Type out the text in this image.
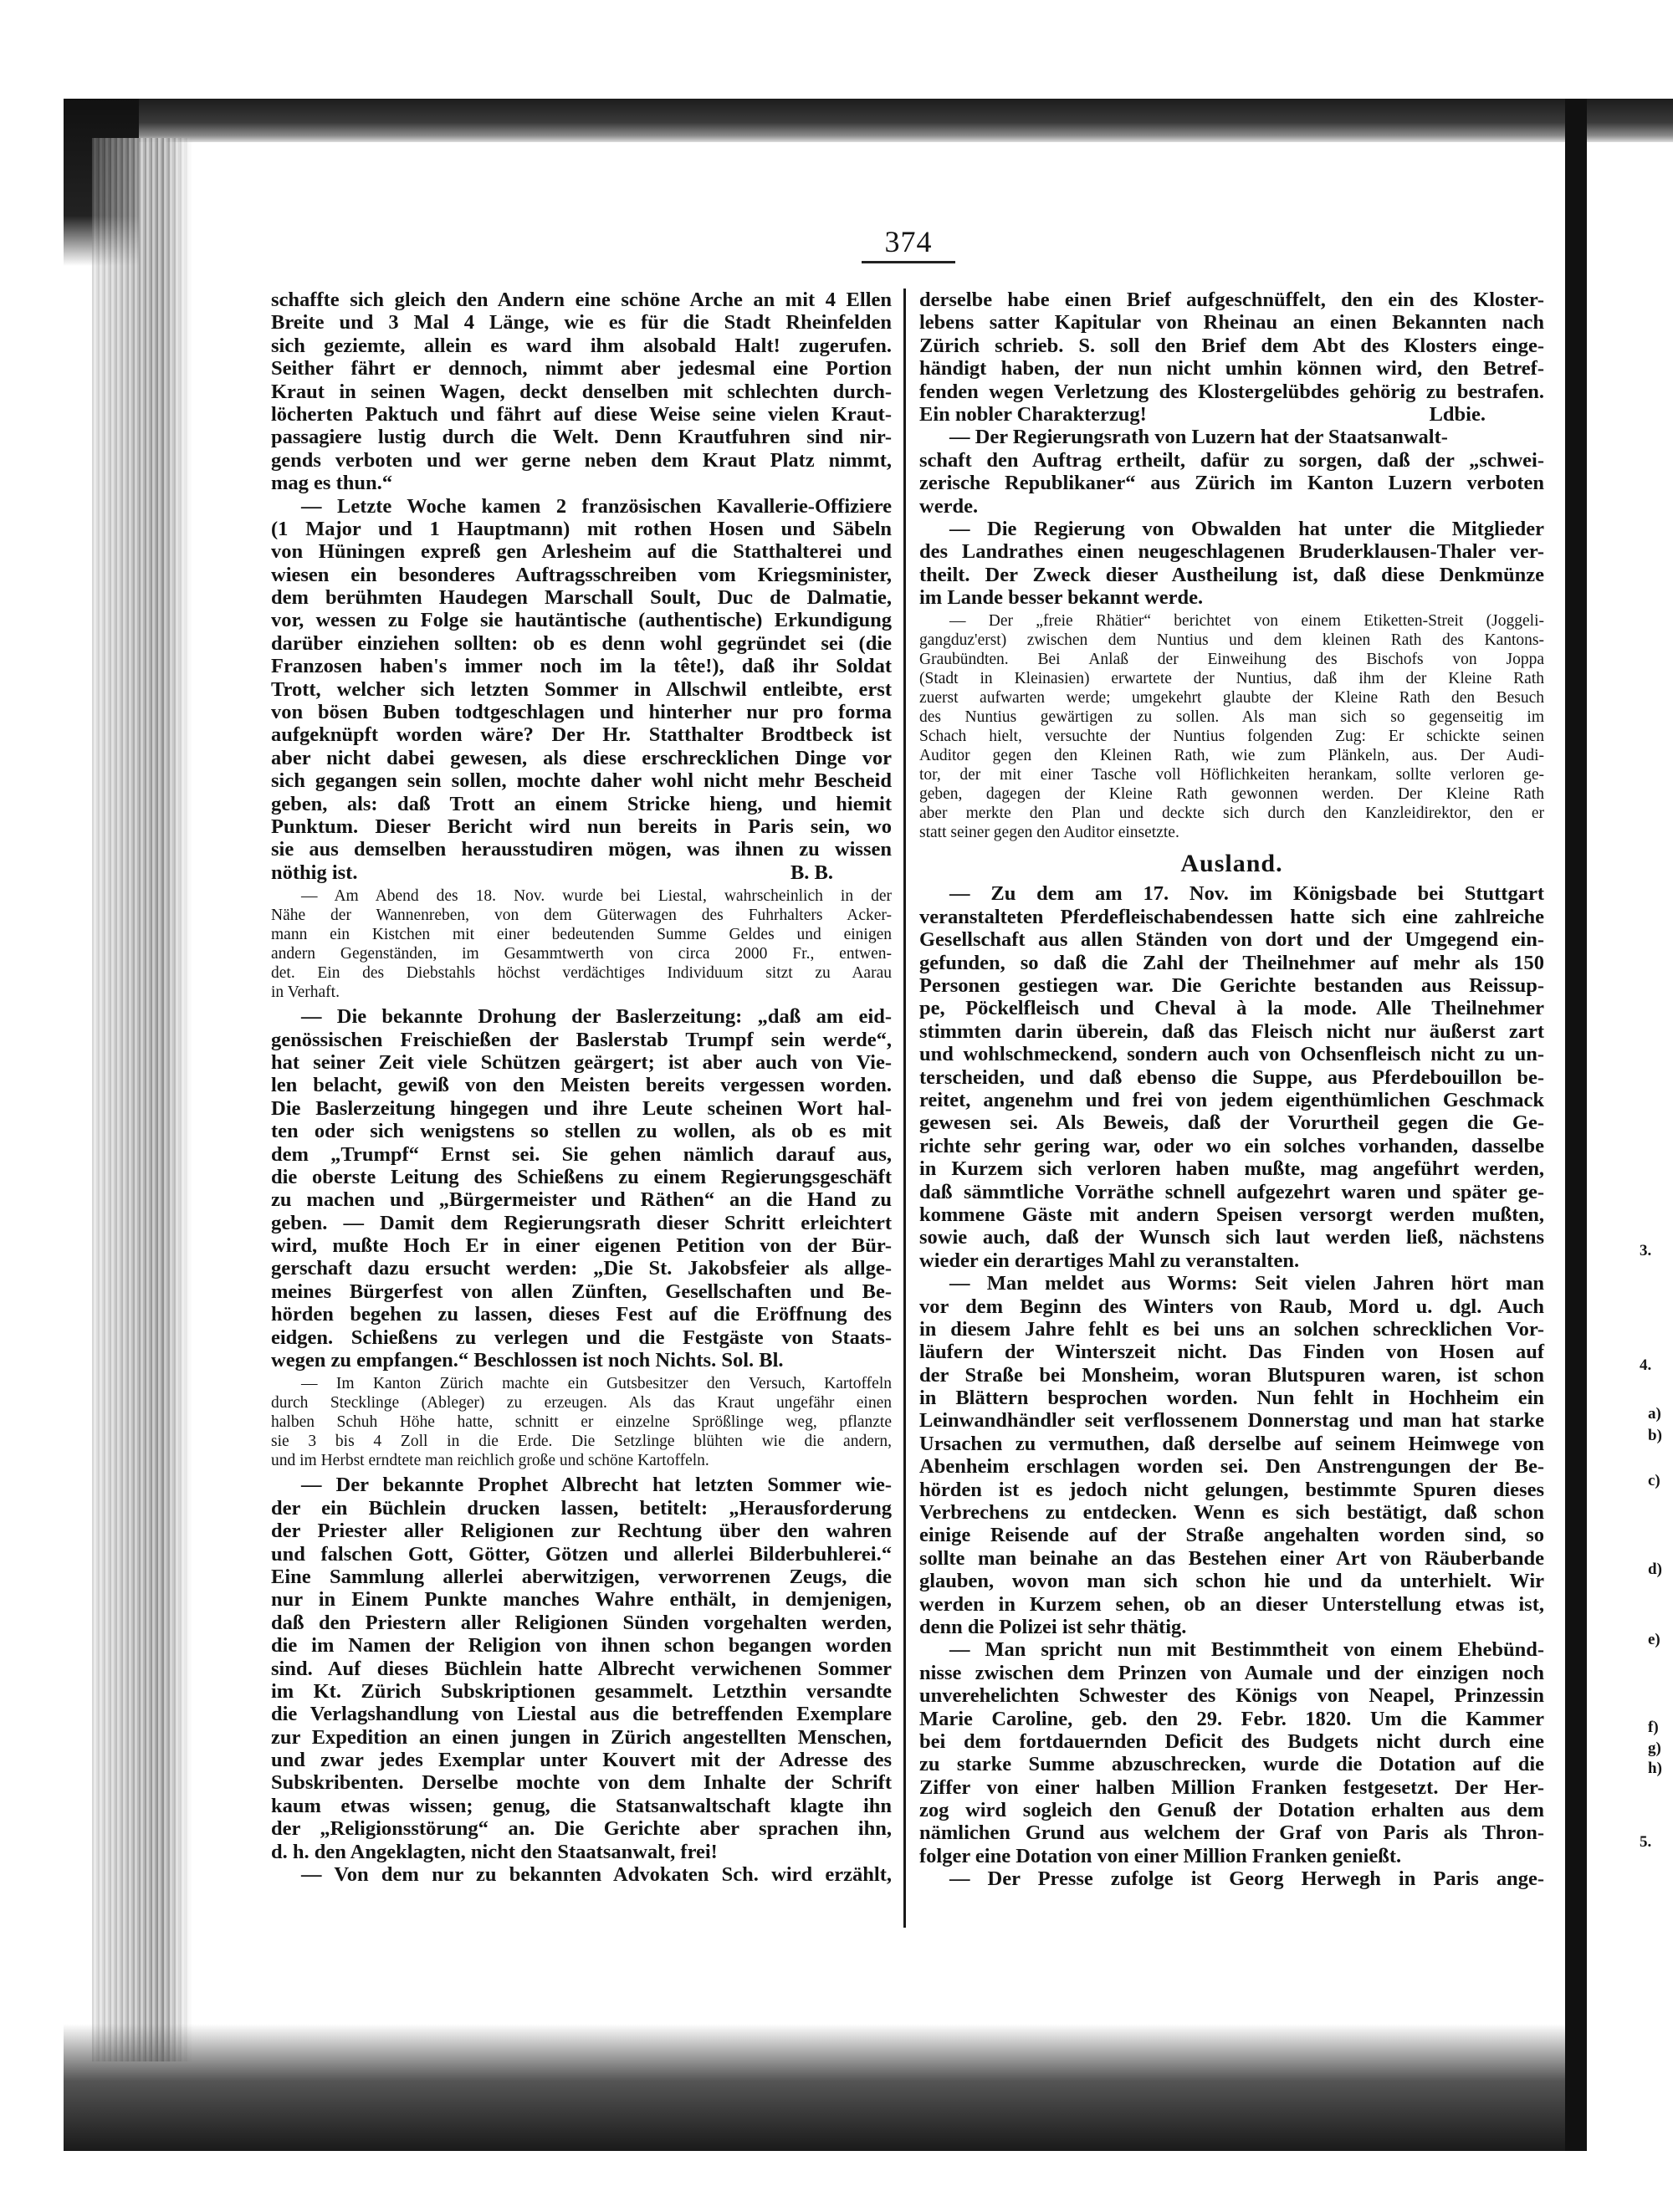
374
schaffte sich gleich den Andern eine schöne Arche an mit 4 Ellen
Breite und 3 Mal 4 Länge, wie es für die Stadt Rheinfelden
sich geziemte, allein es ward ihm alsobald Halt! zugerufen.
Seither fährt er dennoch, nimmt aber jedesmal eine Portion
Kraut in seinen Wagen, deckt denselben mit schlechten durch-
löcherten Paktuch und fährt auf diese Weise seine vielen Kraut-
passagiere lustig durch die Welt. Denn Krautfuhren sind nir-
gends verboten und wer gerne neben dem Kraut Platz nimmt,
mag es thun.“
— Letzte Woche kamen 2 französischen Kavallerie-Offiziere
(1 Major und 1 Hauptmann) mit rothen Hosen und Säbeln
von Hüningen expreß gen Arlesheim auf die Statthalterei und
wiesen ein besonderes Auftragsschreiben vom Kriegsminister,
dem berühmten Haudegen Marschall Soult, Duc de Dalmatie,
vor, wessen zu Folge sie hautäntische (authentische) Erkundigung
darüber einziehen sollten: ob es denn wohl gegründet sei (die
Franzosen haben's immer noch im la tête!), daß ihr Soldat
Trott, welcher sich letzten Sommer in Allschwil entleibte, erst
von bösen Buben todtgeschlagen und hinterher nur pro forma
aufgeknüpft worden wäre? Der Hr. Statthalter Brodtbeck ist
aber nicht dabei gewesen, als diese erschrecklichen Dinge vor
sich gegangen sein sollen, mochte daher wohl nicht mehr Bescheid
geben, als: daß Trott an einem Stricke hieng, und hiemit
Punktum. Dieser Bericht wird nun bereits in Paris sein, wo
sie aus demselben herausstudiren mögen, was ihnen zu wissen
nöthig ist.	B. B.
— Am Abend des 18. Nov. wurde bei Liestal, wahrscheinlich in der
Nähe der Wannenreben, von dem Güterwagen des Fuhrhalters Acker-
mann ein Kistchen mit einer bedeutenden Summe Geldes und einigen
andern Gegenständen, im Gesammtwerth von circa 2000 Fr., entwen-
det. Ein des Diebstahls höchst verdächtiges Individuum sitzt zu Aarau
in Verhaft.
— Die bekannte Drohung der Baslerzeitung: „daß am eid-
genössischen Freischießen der Baslerstab Trumpf sein werde“,
hat seiner Zeit viele Schützen geärgert; ist aber auch von Vie-
len belacht, gewiß von den Meisten bereits vergessen worden.
Die Baslerzeitung hingegen und ihre Leute scheinen Wort hal-
ten oder sich wenigstens so stellen zu wollen, als ob es mit
dem „Trumpf“ Ernst sei. Sie gehen nämlich darauf aus,
die oberste Leitung des Schießens zu einem Regierungsgeschäft
zu machen und „Bürgermeister und Räthen“ an die Hand zu
geben. — Damit dem Regierungsrath dieser Schritt erleichtert
wird, mußte Hoch Er in einer eigenen Petition von der Bür-
gerschaft dazu ersucht werden: „Die St. Jakobsfeier als allge-
meines Bürgerfest von allen Zünften, Gesellschaften und Be-
hörden begehen zu lassen, dieses Fest auf die Eröffnung des
eidgen. Schießens zu verlegen und die Festgäste von Staats-
wegen zu empfangen.“ Beschlossen ist noch Nichts. Sol. Bl.
— Im Kanton Zürich machte ein Gutsbesitzer den Versuch, Kartoffeln
durch Stecklinge (Ableger) zu erzeugen. Als das Kraut ungefähr einen
halben Schuh Höhe hatte, schnitt er einzelne Sprößlinge weg, pflanzte
sie 3 bis 4 Zoll in die Erde. Die Setzlinge blühten wie die andern,
und im Herbst erndtete man reichlich große und schöne Kartoffeln.
— Der bekannte Prophet Albrecht hat letzten Sommer wie-
der ein Büchlein drucken lassen, betitelt: „Herausforderung
der Priester aller Religionen zur Rechtung über den wahren
und falschen Gott, Götter, Götzen und allerlei Bilderbuhlerei.“
Eine Sammlung allerlei aberwitzigen, verworrenen Zeugs, die
nur in Einem Punkte manches Wahre enthält, in demjenigen,
daß den Priestern aller Religionen Sünden vorgehalten werden,
die im Namen der Religion von ihnen schon begangen worden
sind. Auf dieses Büchlein hatte Albrecht verwichenen Sommer
im Kt. Zürich Subskriptionen gesammelt. Letzthin versandte
die Verlagshandlung von Liestal aus die betreffenden Exemplare
zur Expedition an einen jungen in Zürich angestellten Menschen,
und zwar jedes Exemplar unter Kouvert mit der Adresse des
Subskribenten. Derselbe mochte von dem Inhalte der Schrift
kaum etwas wissen; genug, die Statsanwaltschaft klagte ihn
der „Religionsstörung“ an. Die Gerichte aber sprachen ihn,
d. h. den Angeklagten, nicht den Staatsanwalt, frei!
— Von dem nur zu bekannten Advokaten Sch. wird erzählt,
derselbe habe einen Brief aufgeschnüffelt, den ein des Kloster-
lebens satter Kapitular von Rheinau an einen Bekannten nach
Zürich schrieb. S. soll den Brief dem Abt des Klosters einge-
händigt haben, der nun nicht umhin können wird, den Betref-
fenden wegen Verletzung des Klostergelübdes gehörig zu bestrafen.
Ein nobler Charakterzug!	Ldbie.
— Der Regierungsrath von Luzern hat der Staatsanwalt-
schaft den Auftrag ertheilt, dafür zu sorgen, daß der „schwei-
zerische Republikaner“ aus Zürich im Kanton Luzern verboten
werde.
— Die Regierung von Obwalden hat unter die Mitglieder
des Landrathes einen neugeschlagenen Bruderklausen-Thaler ver-
theilt. Der Zweck dieser Austheilung ist, daß diese Denkmünze
im Lande besser bekannt werde.
— Der „freie Rhätier“ berichtet von einem Etiketten-Streit (Joggeli-
gangduz'erst) zwischen dem Nuntius und dem kleinen Rath des Kantons-
Graubündten. Bei Anlaß der Einweihung des Bischofs von Joppa
(Stadt in Kleinasien) erwartete der Nuntius, daß ihm der Kleine Rath
zuerst aufwarten werde; umgekehrt glaubte der Kleine Rath den Besuch
des Nuntius gewärtigen zu sollen. Als man sich so gegenseitig im
Schach hielt, versuchte der Nuntius folgenden Zug: Er schickte seinen
Auditor gegen den Kleinen Rath, wie zum Plänkeln, aus. Der Audi-
tor, der mit einer Tasche voll Höflichkeiten herankam, sollte verloren ge-
geben, dagegen der Kleine Rath gewonnen werden. Der Kleine Rath
aber merkte den Plan und deckte sich durch den Kanzleidirektor, den er
statt seiner gegen den Auditor einsetzte.
Ausland.
— Zu dem am 17. Nov. im Königsbade bei Stuttgart
veranstalteten Pferdefleischabendessen hatte sich eine zahlreiche
Gesellschaft aus allen Ständen von dort und der Umgegend ein-
gefunden, so daß die Zahl der Theilnehmer auf mehr als 150
Personen gestiegen war. Die Gerichte bestanden aus Reissup-
pe, Pöckelfleisch und Cheval à la mode. Alle Theilnehmer
stimmten darin überein, daß das Fleisch nicht nur äußerst zart
und wohlschmeckend, sondern auch von Ochsenfleisch nicht zu un-
terscheiden, und daß ebenso die Suppe, aus Pferdebouillon be-
reitet, angenehm und frei von jedem eigenthümlichen Geschmack
gewesen sei. Als Beweis, daß der Vorurtheil gegen die Ge-
richte sehr gering war, oder wo ein solches vorhanden, dasselbe
in Kurzem sich verloren haben mußte, mag angeführt werden,
daß sämmtliche Vorräthe schnell aufgezehrt waren und später ge-
kommene Gäste mit andern Speisen versorgt werden mußten,
sowie auch, daß der Wunsch sich laut werden ließ, nächstens
wieder ein derartiges Mahl zu veranstalten.
— Man meldet aus Worms: Seit vielen Jahren hört man
vor dem Beginn des Winters von Raub, Mord u. dgl. Auch
in diesem Jahre fehlt es bei uns an solchen schrecklichen Vor-
läufern der Winterszeit nicht. Das Finden von Hosen auf
der Straße bei Monsheim, woran Blutspuren waren, ist schon
in Blättern besprochen worden. Nun fehlt in Hochheim ein
Leinwandhändler seit verflossenem Donnerstag und man hat starke
Ursachen zu vermuthen, daß derselbe auf seinem Heimwege von
Abenheim erschlagen worden sei. Den Anstrengungen der Be-
hörden ist es jedoch nicht gelungen, bestimmte Spuren dieses
Verbrechens zu entdecken. Wenn es sich bestätigt, daß schon
einige Reisende auf der Straße angehalten worden sind, so
sollte man beinahe an das Bestehen einer Art von Räuberbande
glauben, wovon man sich schon hie und da unterhielt. Wir
werden in Kurzem sehen, ob an dieser Unterstellung etwas ist,
denn die Polizei ist sehr thätig.
— Man spricht nun mit Bestimmtheit von einem Ehebünd-
nisse zwischen dem Prinzen von Aumale und der einzigen noch
unverehelichten Schwester des Königs von Neapel, Prinzessin
Marie Caroline, geb. den 29. Febr. 1820. Um die Kammer
bei dem fortdauernden Deficit des Budgets nicht durch eine
zu starke Summe abzuschrecken, wurde die Dotation auf die
Ziffer von einer halben Million Franken festgesetzt. Der Her-
zog wird sogleich den Genuß der Dotation erhalten aus dem
nämlichen Grund aus welchem der Graf von Paris als Thron-
folger eine Dotation von einer Million Franken genießt.
— Der Presse zufolge ist Georg Herwegh in Paris ange-
3.
4.
a)
b)
c)
d)
e)
f)
g)
h)
5.
